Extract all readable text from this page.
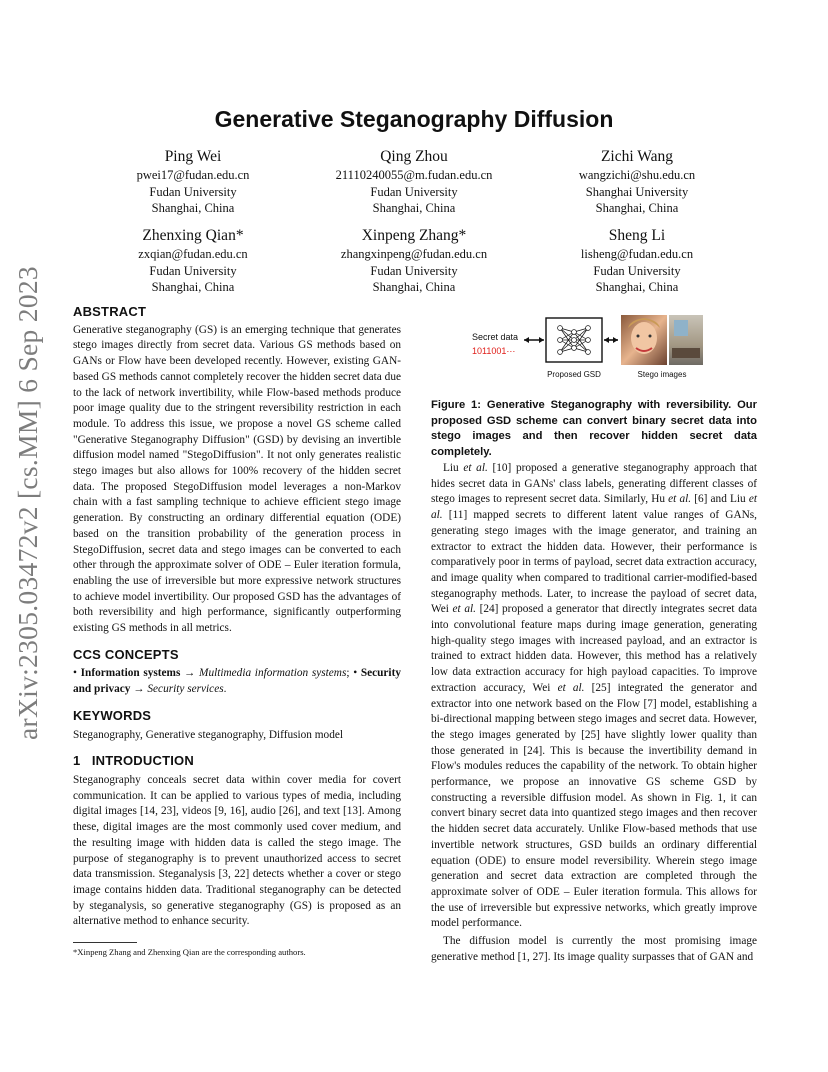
arXiv:2305.03472v2 [cs.MM] 6 Sep 2023
Generative Steganography Diffusion
Ping Wei
pwei17@fudan.edu.cn
Fudan University
Shanghai, China
Qing Zhou
21110240055@m.fudan.edu.cn
Fudan University
Shanghai, China
Zichi Wang
wangzichi@shu.edu.cn
Shanghai University
Shanghai, China
Zhenxing Qian*
zxqian@fudan.edu.cn
Fudan University
Shanghai, China
Xinpeng Zhang*
zhangxinpeng@fudan.edu.cn
Fudan University
Shanghai, China
Sheng Li
lisheng@fudan.edu.cn
Fudan University
Shanghai, China
ABSTRACT

Generative steganography (GS) is an emerging technique that generates stego images directly from secret data. Various GS methods based on GANs or Flow have been developed recently. However, existing GAN-based GS methods cannot completely recover the hidden secret data due to the lack of network invertibility, while Flow-based methods produce poor image quality due to the stringent reversibility restriction in each module. To address this issue, we propose a novel GS scheme called "Generative Steganography Diffusion" (GSD) by devising an invertible diffusion model named "StegoDiffusion". It not only generates realistic stego images but also allows for 100% recovery of the hidden secret data. The proposed StegoDiffusion model leverages a non-Markov chain with a fast sampling technique to achieve efficient stego image generation. By constructing an ordinary differential equation (ODE) based on the transition probability of the generation process in StegoDiffusion, secret data and stego images can be converted to each other through the approximate solver of ODE – Euler iteration formula, enabling the use of irreversible but more expressive network structures to achieve model invertibility. Our proposed GSD has the advantages of both reversibility and high performance, significantly outperforming existing GS methods in all metrics.

CCS CONCEPTS

• Information systems → Multimedia information systems; • Security and privacy → Security services.

KEYWORDS

Steganography, Generative steganography, Diffusion model

1   INTRODUCTION

Steganography conceals secret data within cover media for covert communication. It can be applied to various types of media, including digital images [14, 23], videos [9, 16], audio [26], and text [13]. Among these, digital images are the most commonly used cover medium, and the resulting image with hidden data is called the stego image. The purpose of steganography is to prevent unauthorized access to secret data transmission. Steganalysis [3, 22] detects whether a cover or stego image contains hidden data. Traditional steganography can be detected by steganalysis, so generative steganography (GS) is proposed as an alternative method to enhance security.

*Xinpeng Zhang and Zhenxing Qian are the corresponding authors.
Secret data
1011001⋯
Proposed GSD	Stego images
Figure 1: Generative Steganography with reversibility. Our proposed GSD scheme can convert binary secret data into stego images and then recover hidden secret data completely.

Liu et al. [10] proposed a generative steganography approach that hides secret data in GANs' class labels, generating different classes of stego images to represent secret data. Similarly, Hu et al. [6] and Liu et al. [11] mapped secrets to different latent value ranges of GANs, generating stego images with the image generator, and training an extractor to extract the hidden data. However, their performance is comparatively poor in terms of payload, secret data extraction accuracy, and image quality when compared to traditional carrier-modified-based steganography methods. Later, to increase the payload of secret data, Wei et al. [24] proposed a generator that directly integrates secret data into convolutional feature maps during image generation, generating high-quality stego images with increased payload, and an extractor is trained to extract hidden data. However, this method has a relatively low data extraction accuracy for high payload capacities. To improve extraction accuracy, Wei et al. [25] integrated the generator and extractor into one network based on the Flow [7] model, establishing a bi-directional mapping between stego images and secret data. However, the stego images generated by [25] have slightly lower quality than those generated in [24]. This is because the invertibility demand in Flow's modules reduces the capability of the network. To obtain higher performance, we propose an innovative GS scheme GSD by constructing a reversible diffusion model. As shown in Fig. 1, it can convert binary secret data into quantized stego images and then recover the hidden secret data accurately. Unlike Flow-based methods that use invertible network structures, GSD builds an ordinary differential equation (ODE) to ensure model reversibility. Wherein stego image generation and secret data extraction are completed through the approximate solver of ODE – Euler iteration formula. This allows for the use of irreversible but expressive networks, which greatly improve model performance.

The diffusion model is currently the most promising image generative method [1, 27]. Its image quality surpasses that of GAN and
